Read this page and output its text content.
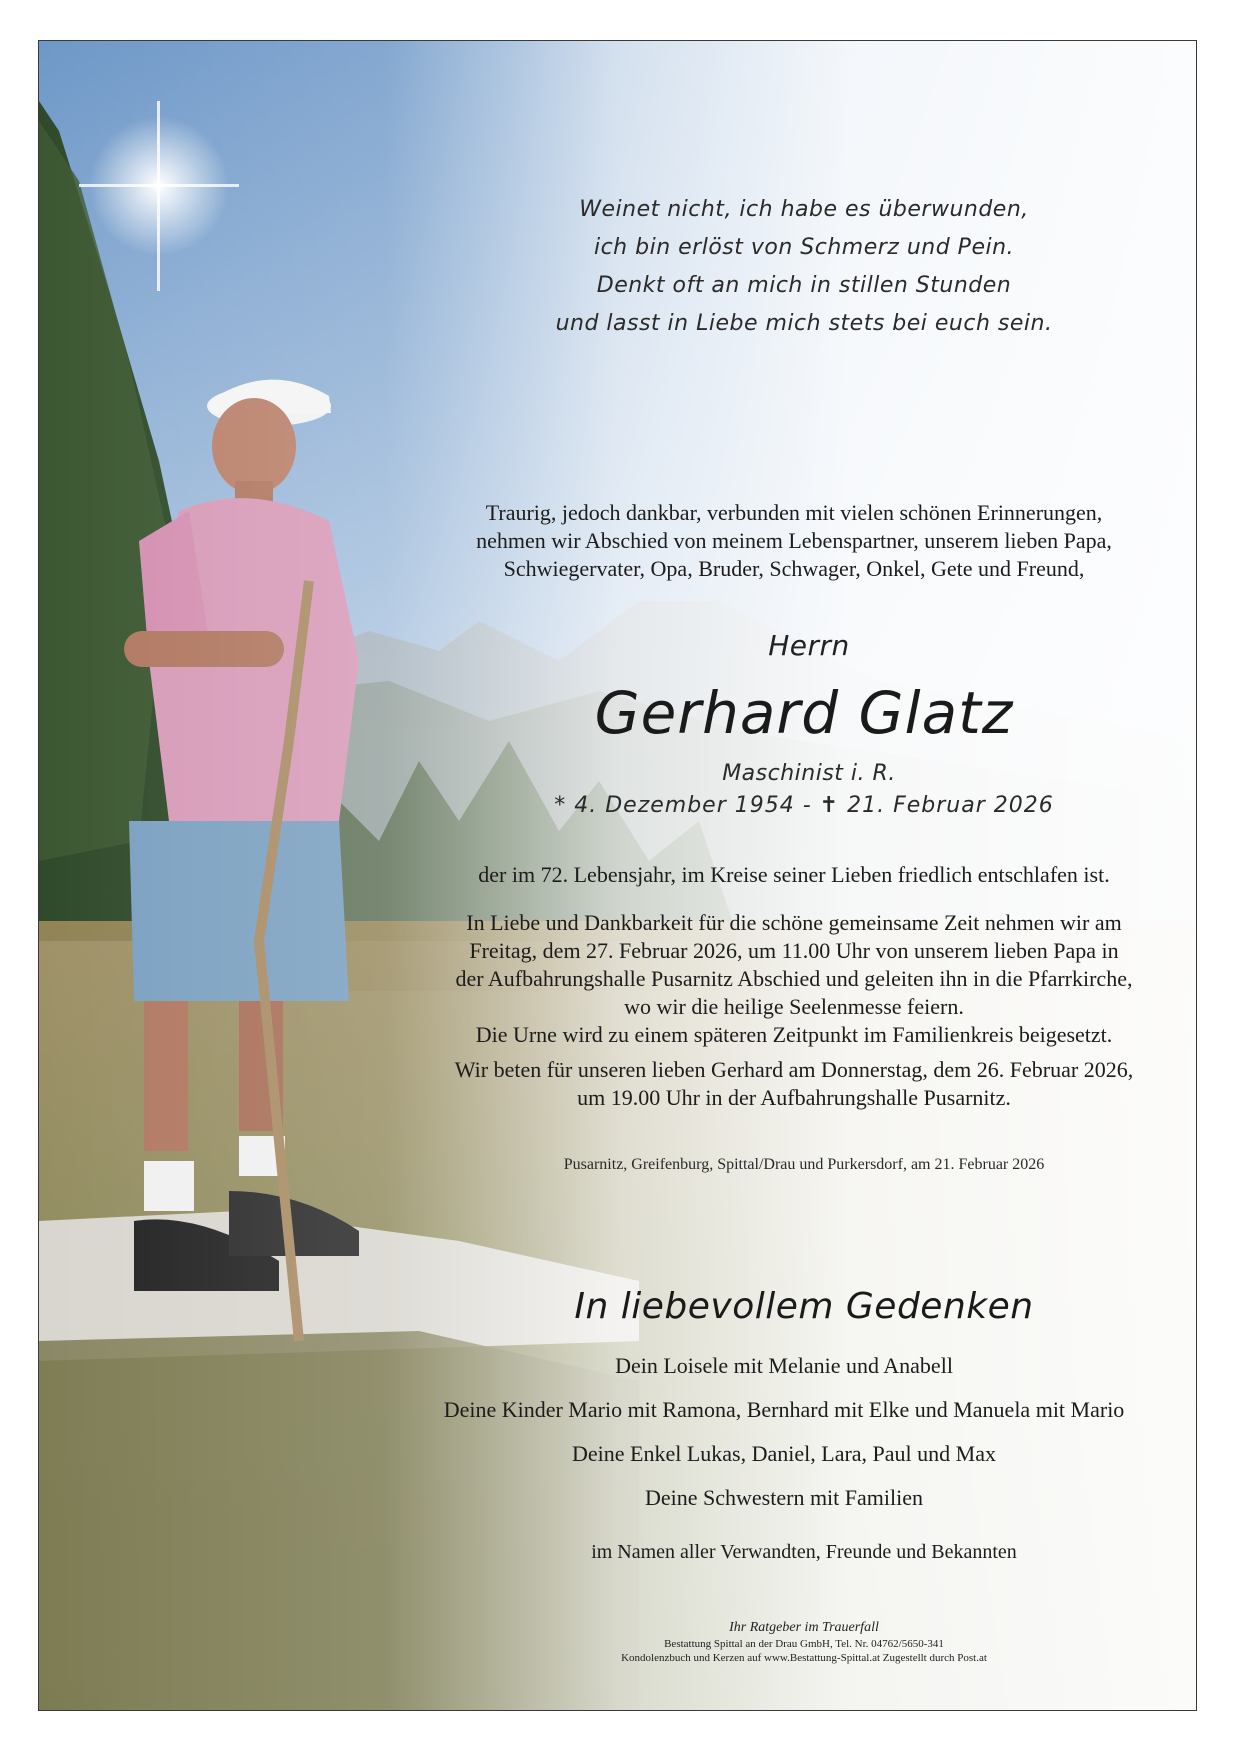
Weinet nicht, ich habe es überwunden,
ich bin erlöst von Schmerz und Pein.
Denkt oft an mich in stillen Stunden
und lasst in Liebe mich stets bei euch sein.
Traurig, jedoch dankbar, verbunden mit vielen schönen Erinnerungen,
nehmen wir Abschied von meinem Lebenspartner, unserem lieben Papa,
Schwiegervater, Opa, Bruder, Schwager, Onkel, Gete und Freund,
Herrn
Gerhard Glatz
Maschinist i. R.
* 4. Dezember 1954 - ✝ 21. Februar 2026
der im 72. Lebensjahr, im Kreise seiner Lieben friedlich entschlafen ist.
In Liebe und Dankbarkeit für die schöne gemeinsame Zeit nehmen wir am
Freitag, dem 27. Februar 2026, um 11.00 Uhr von unserem lieben Papa in
der Aufbahrungshalle Pusarnitz Abschied und geleiten ihn in die Pfarrkirche,
wo wir die heilige Seelenmesse feiern.
Die Urne wird zu einem späteren Zeitpunkt im Familienkreis beigesetzt.
Wir beten für unseren lieben Gerhard am Donnerstag, dem 26. Februar 2026,
um 19.00 Uhr in der Aufbahrungshalle Pusarnitz.
Pusarnitz, Greifenburg, Spittal/Drau und Purkersdorf, am 21. Februar 2026
In liebevollem Gedenken
Dein Loisele mit Melanie und Anabell
Deine Kinder Mario mit Ramona, Bernhard mit Elke und Manuela mit Mario
Deine Enkel Lukas, Daniel, Lara, Paul und Max
Deine Schwestern mit Familien
im Namen aller Verwandten, Freunde und Bekannten
Ihr Ratgeber im Trauerfall
Bestattung Spittal an der Drau GmbH, Tel. Nr. 04762/5650-341
Kondolenzbuch und Kerzen auf www.Bestattung-Spittal.at Zugestellt durch Post.at
